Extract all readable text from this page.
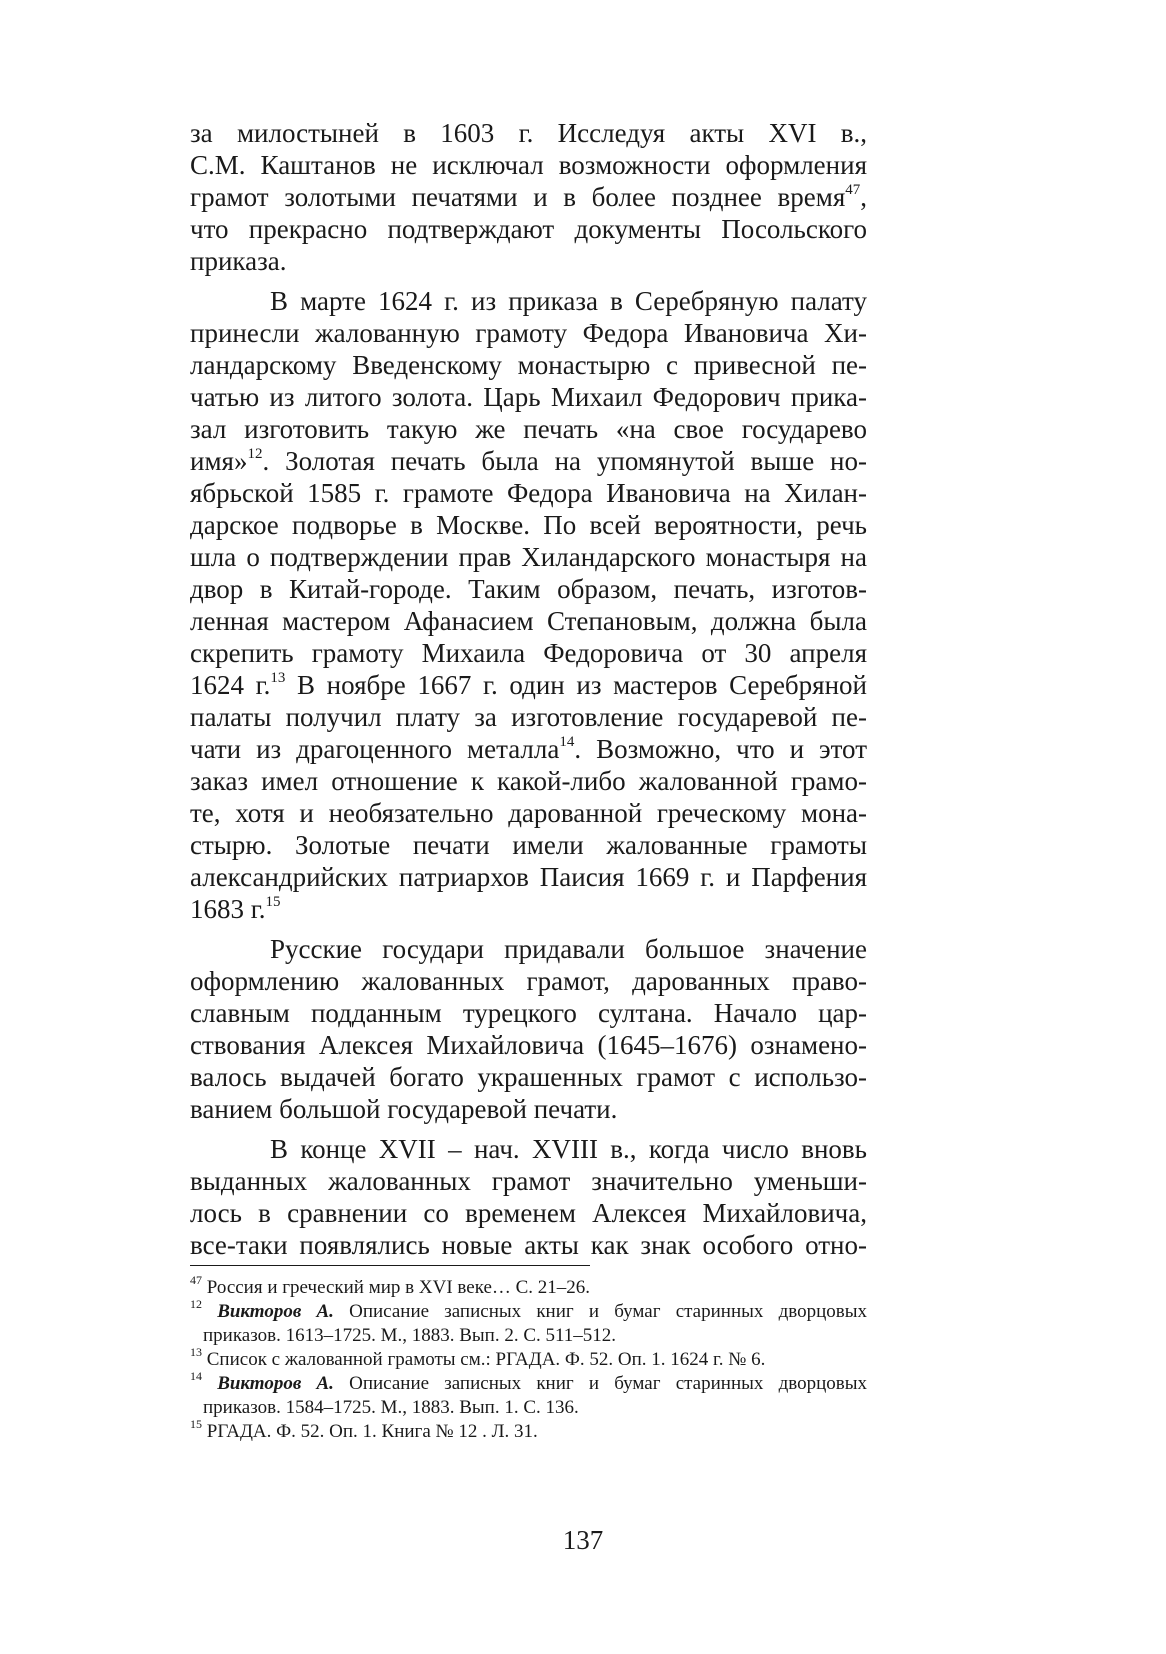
за милостыней в 1603 г. Исследуя акты XVI в.,
С.М. Каштанов не исключал возможности оформления
грамот золотыми печатями и в более позднее время$^{47}$,
что прекрасно подтверждают документы Посольского
приказа.
В марте 1624 г. из приказа в Серебряную палату
принесли жалованную грамоту Федора Ивановича Хи-
ландарскому Введенскому монастырю с привесной пе-
чатью из литого золота. Царь Михаил Федорович прика-
зал изготовить такую же печать «на свое государево
имя»$^{12}$. Золотая печать была на упомянутой выше но-
ябрьской 1585 г. грамоте Федора Ивановича на Хилан-
дарское подворье в Москве. По всей вероятности, речь
шла о подтверждении прав Хиландарского монастыря на
двор в Китай-городе. Таким образом, печать, изготов-
ленная мастером Афанасием Степановым, должна была
скрепить грамоту Михаила Федоровича от 30 апреля
1624 г.$^{13}$ В ноябре 1667 г. один из мастеров Серебряной
палаты получил плату за изготовление государевой пе-
чати из драгоценного металла$^{14}$. Возможно, что и этот
заказ имел отношение к какой-либо жалованной грамо-
те, хотя и необязательно дарованной греческому мона-
стырю. Золотые печати имели жалованные грамоты
александрийских патриархов Паисия 1669 г. и Парфения
1683 г.$^{15}$
Русские государи придавали большое значение
оформлению жалованных грамот, дарованных право-
славным подданным турецкого султана. Начало цар-
ствования Алексея Михайловича (1645–1676) ознамено-
валось выдачей богато украшенных грамот с использо-
ванием большой государевой печати.
В конце XVII – нач. XVIII в., когда число вновь
выданных жалованных грамот значительно уменьши-
лось в сравнении со временем Алексея Михайловича,
все-таки появлялись новые акты как знак особого отно-
$^{47}$ Россия и греческий мир в XVI веке… С. 21–26.
$^{12}$ Викторов А. Описание записных книг и бумаг старинных дворцовых
приказов. 1613–1725. М., 1883. Вып. 2. С. 511–512.
$^{13}$ Список с жалованной грамоты см.: РГАДА. Ф. 52. Оп. 1. 1624 г. № 6.
$^{14}$ Викторов А. Описание записных книг и бумаг старинных дворцовых
приказов. 1584–1725. М., 1883. Вып. 1. С. 136.
$^{15}$ РГАДА. Ф. 52. Оп. 1. Книга № 12 . Л. 31.
137
